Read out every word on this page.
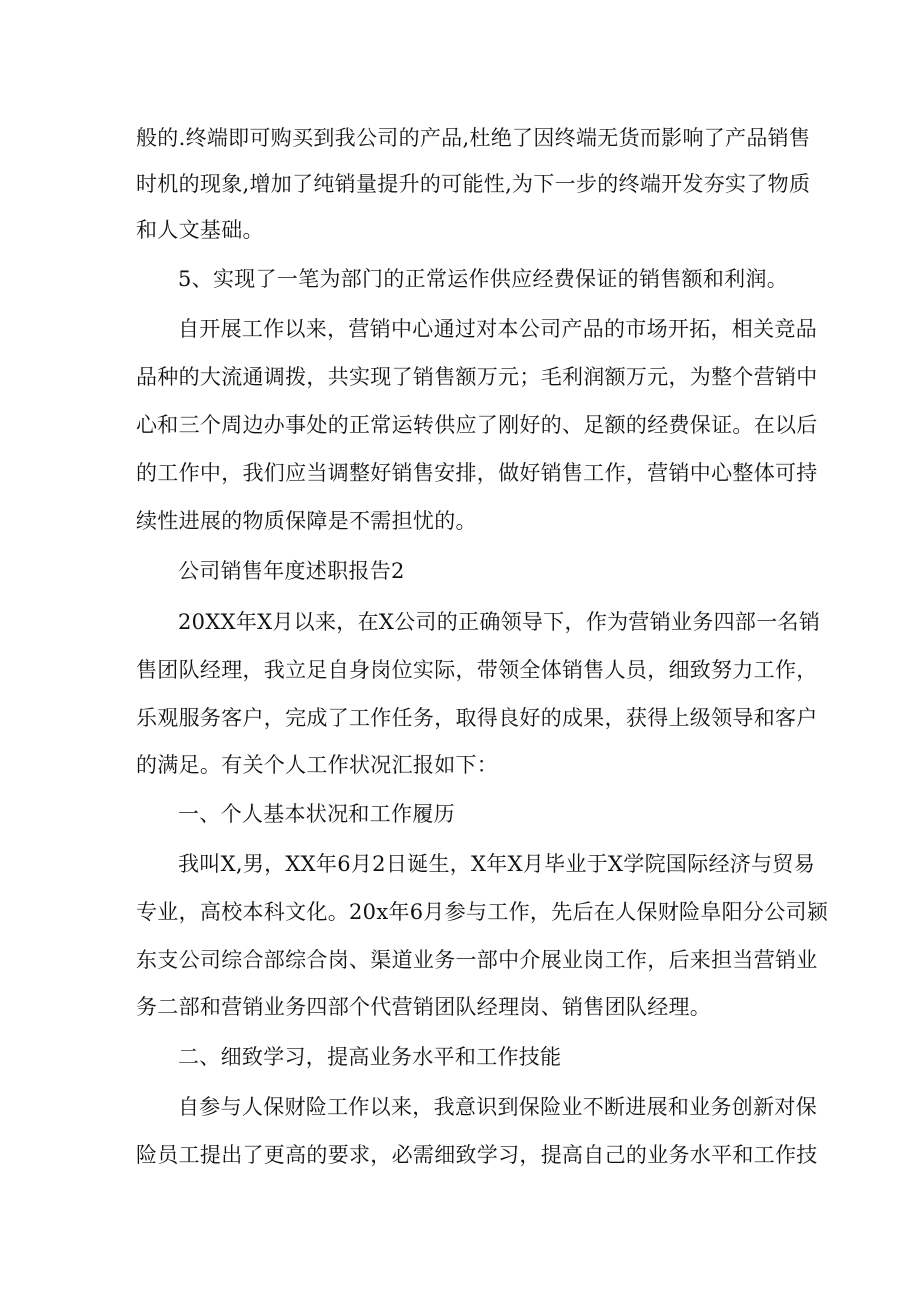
般的.终端即可购买到我公司的产品,杜绝了因终端无货而影响了产品销售
时机的现象,增加了纯销量提升的可能性,为下一步的终端开发夯实了物质
和人文基础。
5、实现了一笔为部门的正常运作供应经费保证的销售额和利润。
自开展工作以来，营销中心通过对本公司产品的市场开拓，相关竞品
品种的大流通调拨，共实现了销售额万元；毛利润额万元，为整个营销中
心和三个周边办事处的正常运转供应了刚好的、足额的经费保证。在以后
的工作中，我们应当调整好销售安排，做好销售工作，营销中心整体可持
续性进展的物质保障是不需担忧的。
公司销售年度述职报告2
20XX年X月以来，在X公司的正确领导下，作为营销业务四部一名销
售团队经理，我立足自身岗位实际，带领全体销售人员，细致努力工作，
乐观服务客户，完成了工作任务，取得良好的成果，获得上级领导和客户
的满足。有关个人工作状况汇报如下：
一、个人基本状况和工作履历
我叫X,男，XX年6月2日诞生，X年X月毕业于X学院国际经济与贸易
专业，高校本科文化。20x年6月参与工作，先后在人保财险阜阳分公司颍
东支公司综合部综合岗、渠道业务一部中介展业岗工作，后来担当营销业
务二部和营销业务四部个代营销团队经理岗、销售团队经理。
二、细致学习，提高业务水平和工作技能
自参与人保财险工作以来，我意识到保险业不断进展和业务创新对保
险员工提出了更高的要求，必需细致学习，提高自己的业务水平和工作技
